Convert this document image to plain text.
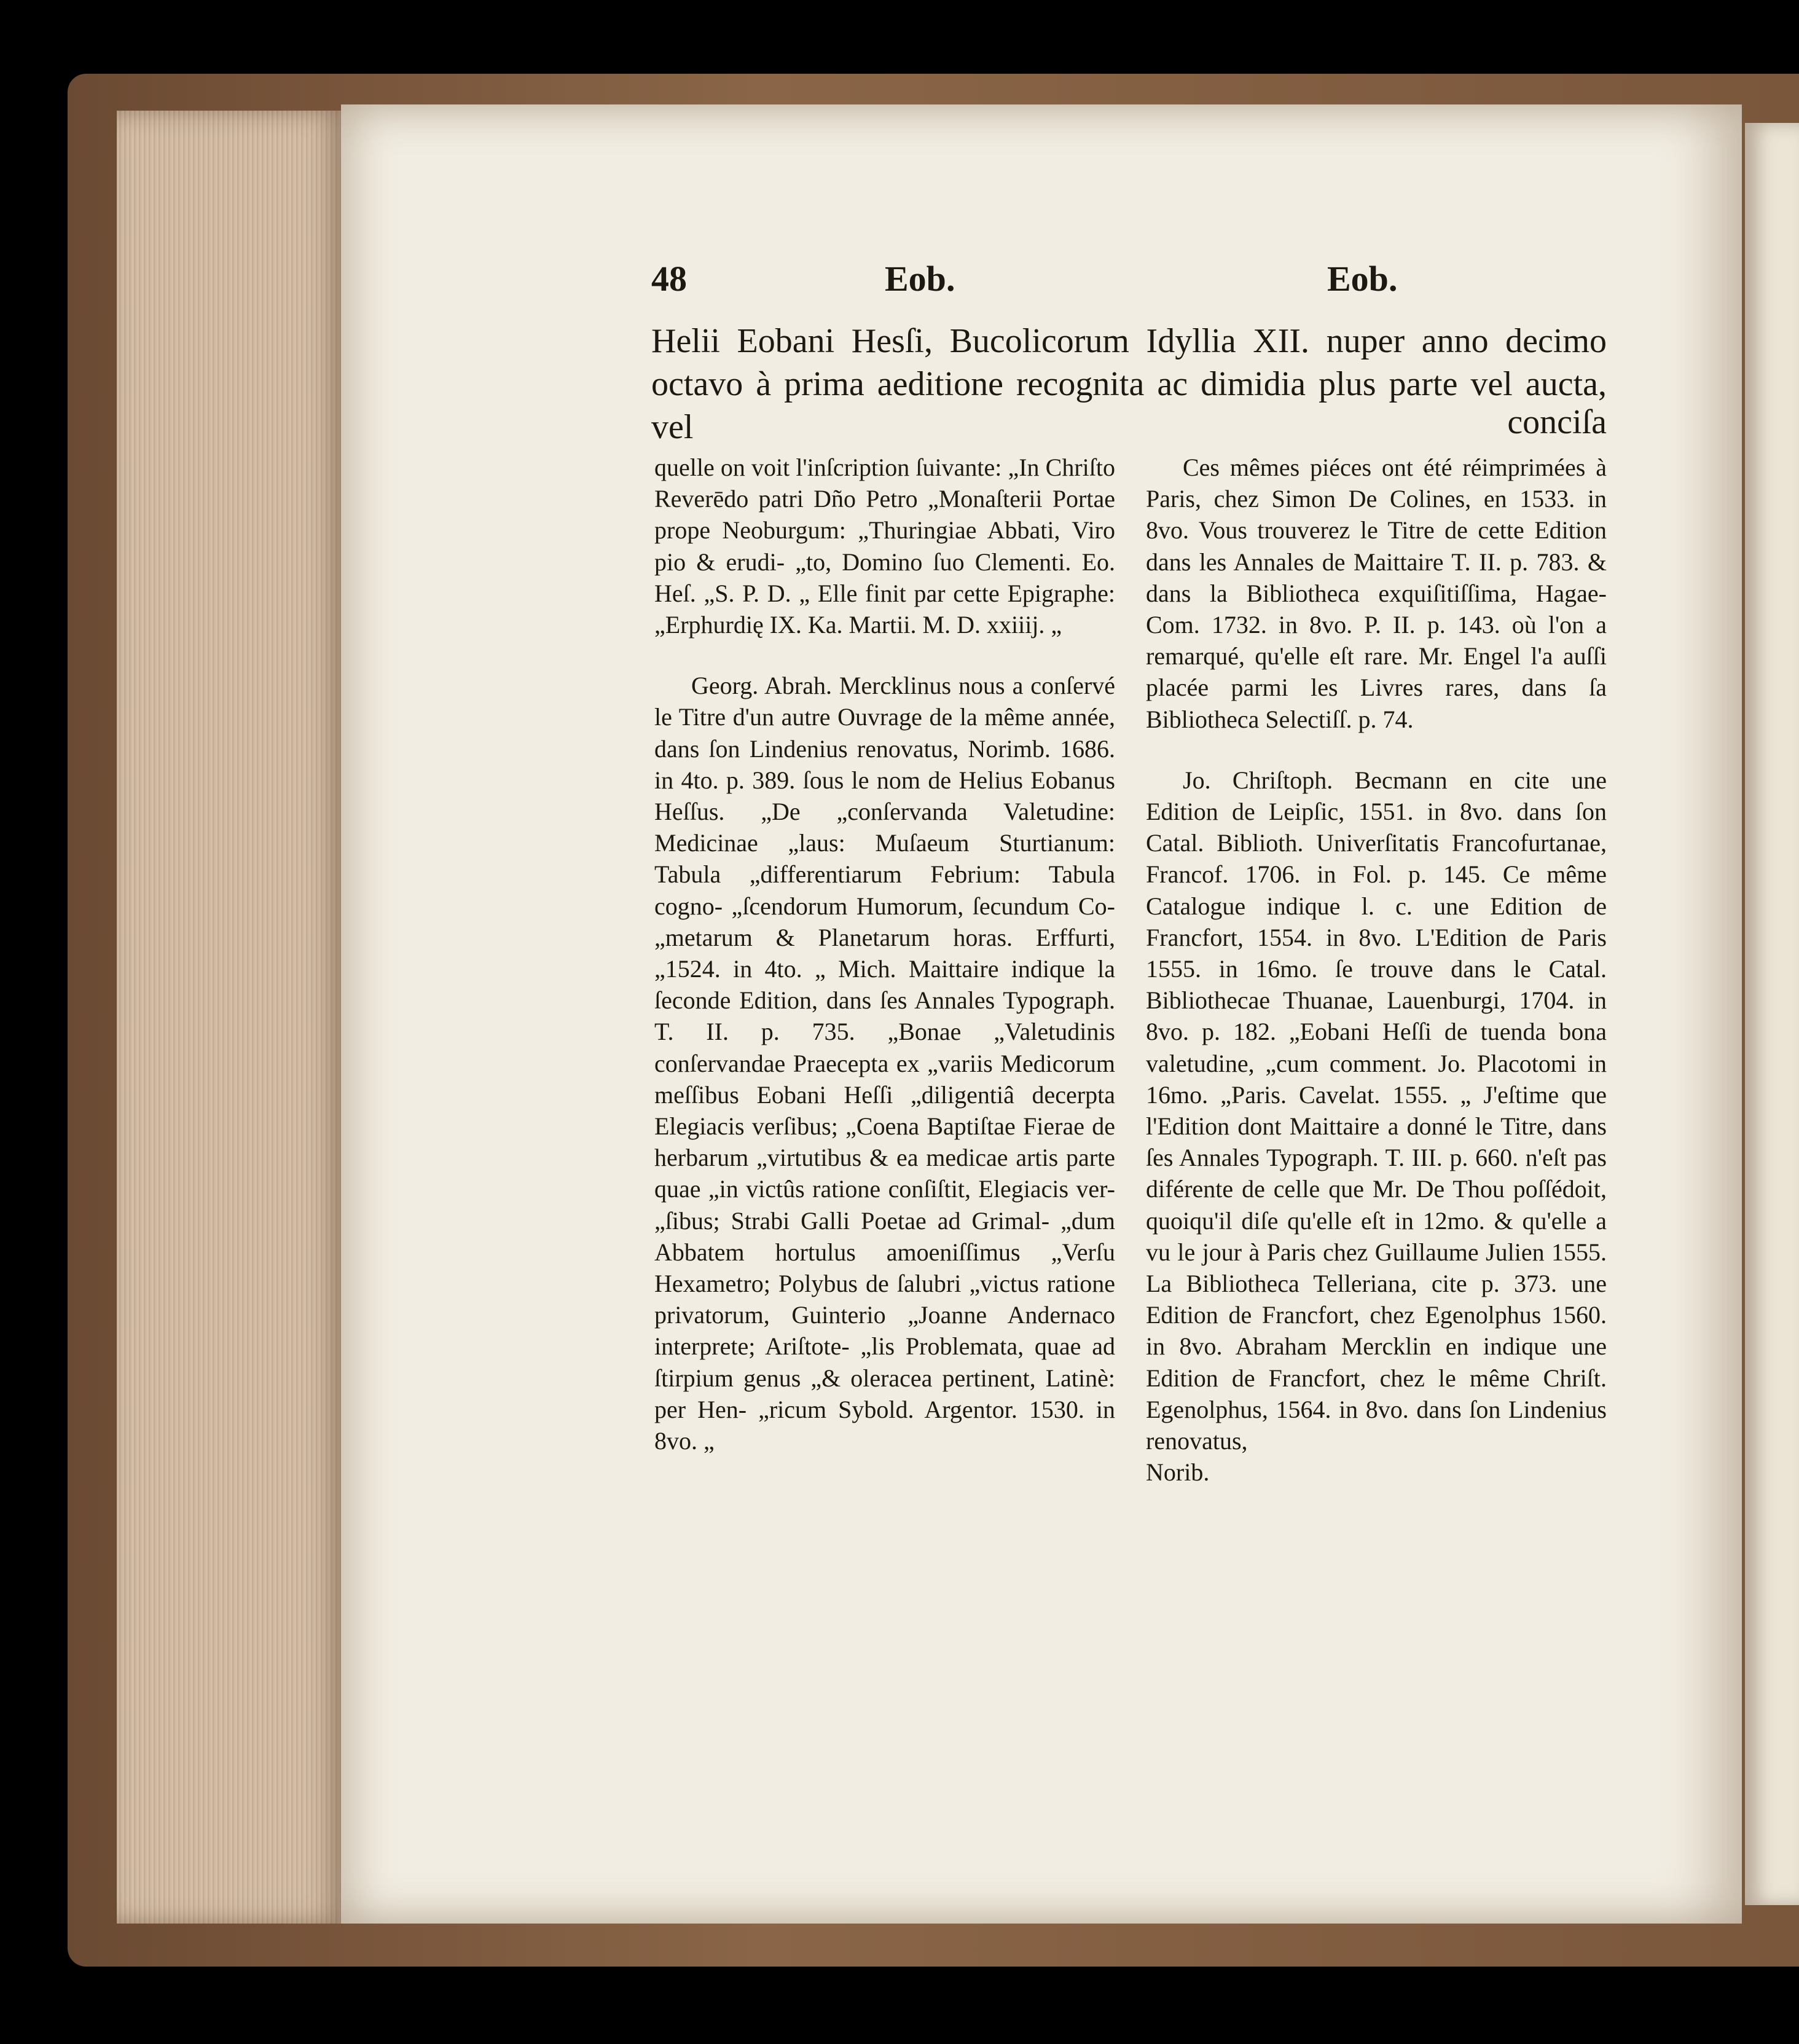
48	Eob.	Eob.
Helii Eobani Hesſi, Bucolicorum Idyllia XII. nuper anno decimo
octavo à prima aeditione recognita ac dimidia plus parte vel aucta, vel	conciſa

quelle on voit l'inſcription ſuivante: „In Chriſto Reverēdo patri Dño Petro „Monaſterii Portae prope Neoburgum: „Thuringiae Abbati, Viro pio & erudi- „to, Domino ſuo Clementi. Eo. Heſ. „S. P. D. „ Elle finit par cette Epigraphe: „Erphurdię IX. Ka. Martii. M. D. xxiiij. „

Georg. Abrah. Mercklinus nous a conſervé le Titre d'un autre Ouvrage de la même année, dans ſon Lindenius renovatus, Norimb. 1686. in 4to. p. 389. ſous le nom de Helius Eobanus Heſſus. „De „conſervanda Valetudine: Medicinae „laus: Muſaeum Sturtianum: Tabula „differentiarum Febrium: Tabula cogno- „ſcendorum Humorum, ſecundum Co- „metarum & Planetarum horas. Erffurti, „1524. in 4to. „ Mich. Maittaire indique la ſeconde Edition, dans ſes Annales Typograph. T. II. p. 735. „Bonae „Valetudinis conſervandae Praecepta ex „variis Medicorum meſſibus Eobani Heſſi „diligentiâ decerpta Elegiacis verſibus; „Coena Baptiſtae Fierae de herbarum „virtutibus & ea medicae artis parte quae „in victûs ratione conſiſtit, Elegiacis ver- „ſibus; Strabi Galli Poetae ad Grimal- „dum Abbatem hortulus amoeniſſimus „Verſu Hexametro; Polybus de ſalubri „victus ratione privatorum, Guinterio „Joanne Andernaco interprete; Ariſtote- „lis Problemata, quae ad ſtirpium genus „& oleracea pertinent, Latinè: per Hen- „ricum Sybold. Argentor. 1530. in 8vo. „

Ces mêmes piéces ont été réimprimées à Paris, chez Simon De Colines, en 1533. in 8vo. Vous trouverez le Titre de cette Edition dans les Annales de Maittaire T. II. p. 783. & dans la Bibliotheca exquiſitiſſima, Hagae-Com. 1732. in 8vo. P. II. p. 143. où l'on a remarqué, qu'elle eſt rare. Mr. Engel l'a auſſi placée parmi les Livres rares, dans ſa Bibliotheca Selectiſſ. p. 74.

Jo. Chriſtoph. Becmann en cite une Edition de Leipſic, 1551. in 8vo. dans ſon Catal. Biblioth. Univerſitatis Francofurtanae, Francof. 1706. in Fol. p. 145. Ce même Catalogue indique l. c. une Edition de Francfort, 1554. in 8vo. L'Edition de Paris 1555. in 16mo. ſe trouve dans le Catal. Bibliothecae Thuanae, Lauenburgi, 1704. in 8vo. p. 182. „Eobani Heſſi de tuenda bona valetudine, „cum comment. Jo. Placotomi in 16mo. „Paris. Cavelat. 1555. „ J'eſtime que l'Edition dont Maittaire a donné le Titre, dans ſes Annales Typograph. T. III. p. 660. n'eſt pas diférente de celle que Mr. De Thou poſſédoit, quoiqu'il diſe qu'elle eſt in 12mo. & qu'elle a vu le jour à Paris chez Guillaume Julien 1555. La Bibliotheca Telleriana, cite p. 373. une Edition de Francfort, chez Egenolphus 1560. in 8vo. Abraham Mercklin en indique une Edition de Francfort, chez le même Chriſt. Egenolphus, 1564. in 8vo. dans ſon Lindenius renovatus,

Norib.
